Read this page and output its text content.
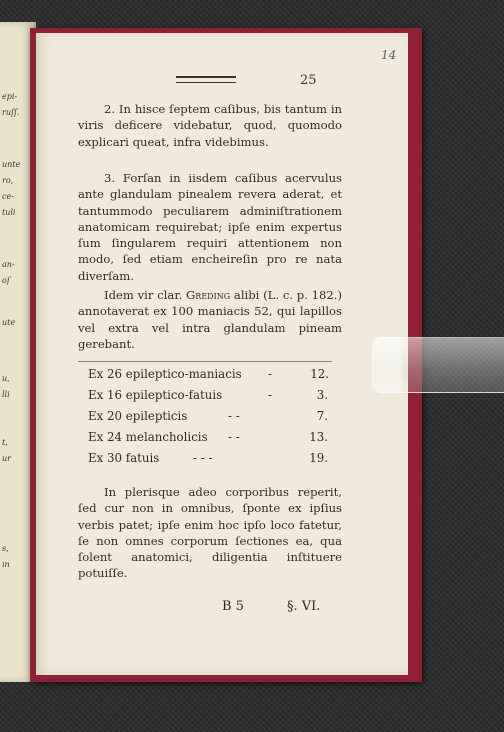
epi-
ruſſ.
unte
ro,
ce-
tuli
an-
oſ
ute
u,
lli
t,
ur
s,
ın
14
25

2. In hisce ſeptem caſibus, bis tantum in viris deficere videbatur, quod, quomodo explicari queat, infra videbimus.

3. Forſan in iisdem caſibus acervulus ante glandulam pinealem revera aderat, et tantummodo peculiarem adminiſtrationem anatomicam requirebat; ipſe enim expertus ſum ſingularem requiri attentionem non modo, ſed etiam encheireſin pro re nata diverſam.

Idem vir clar. Greding alibi (L. c. p. 182.) annotaverat ex 100 maniacis 52, qui lapillos vel extra vel intra glandulam pineam gerebant.

Ex 26 epileptico-maniacis -	12.
Ex 16 epileptico-fatuis	-	3.
Ex 20 epilepticis	- -	7.
Ex 24 melancholicis - -	13.
Ex 30 fatuis	- - -	19.

In plerisque adeo corporibus reperit, ſed cur non in omnibus, ſponte ex ipſius verbis patet; ipſe enim hoc ipſo loco fatetur, ſe non omnes corporum ſectiones ea, qua ſolent anatomici, diligentia inſtituere potuiſſe.

B 5	§. VI.
